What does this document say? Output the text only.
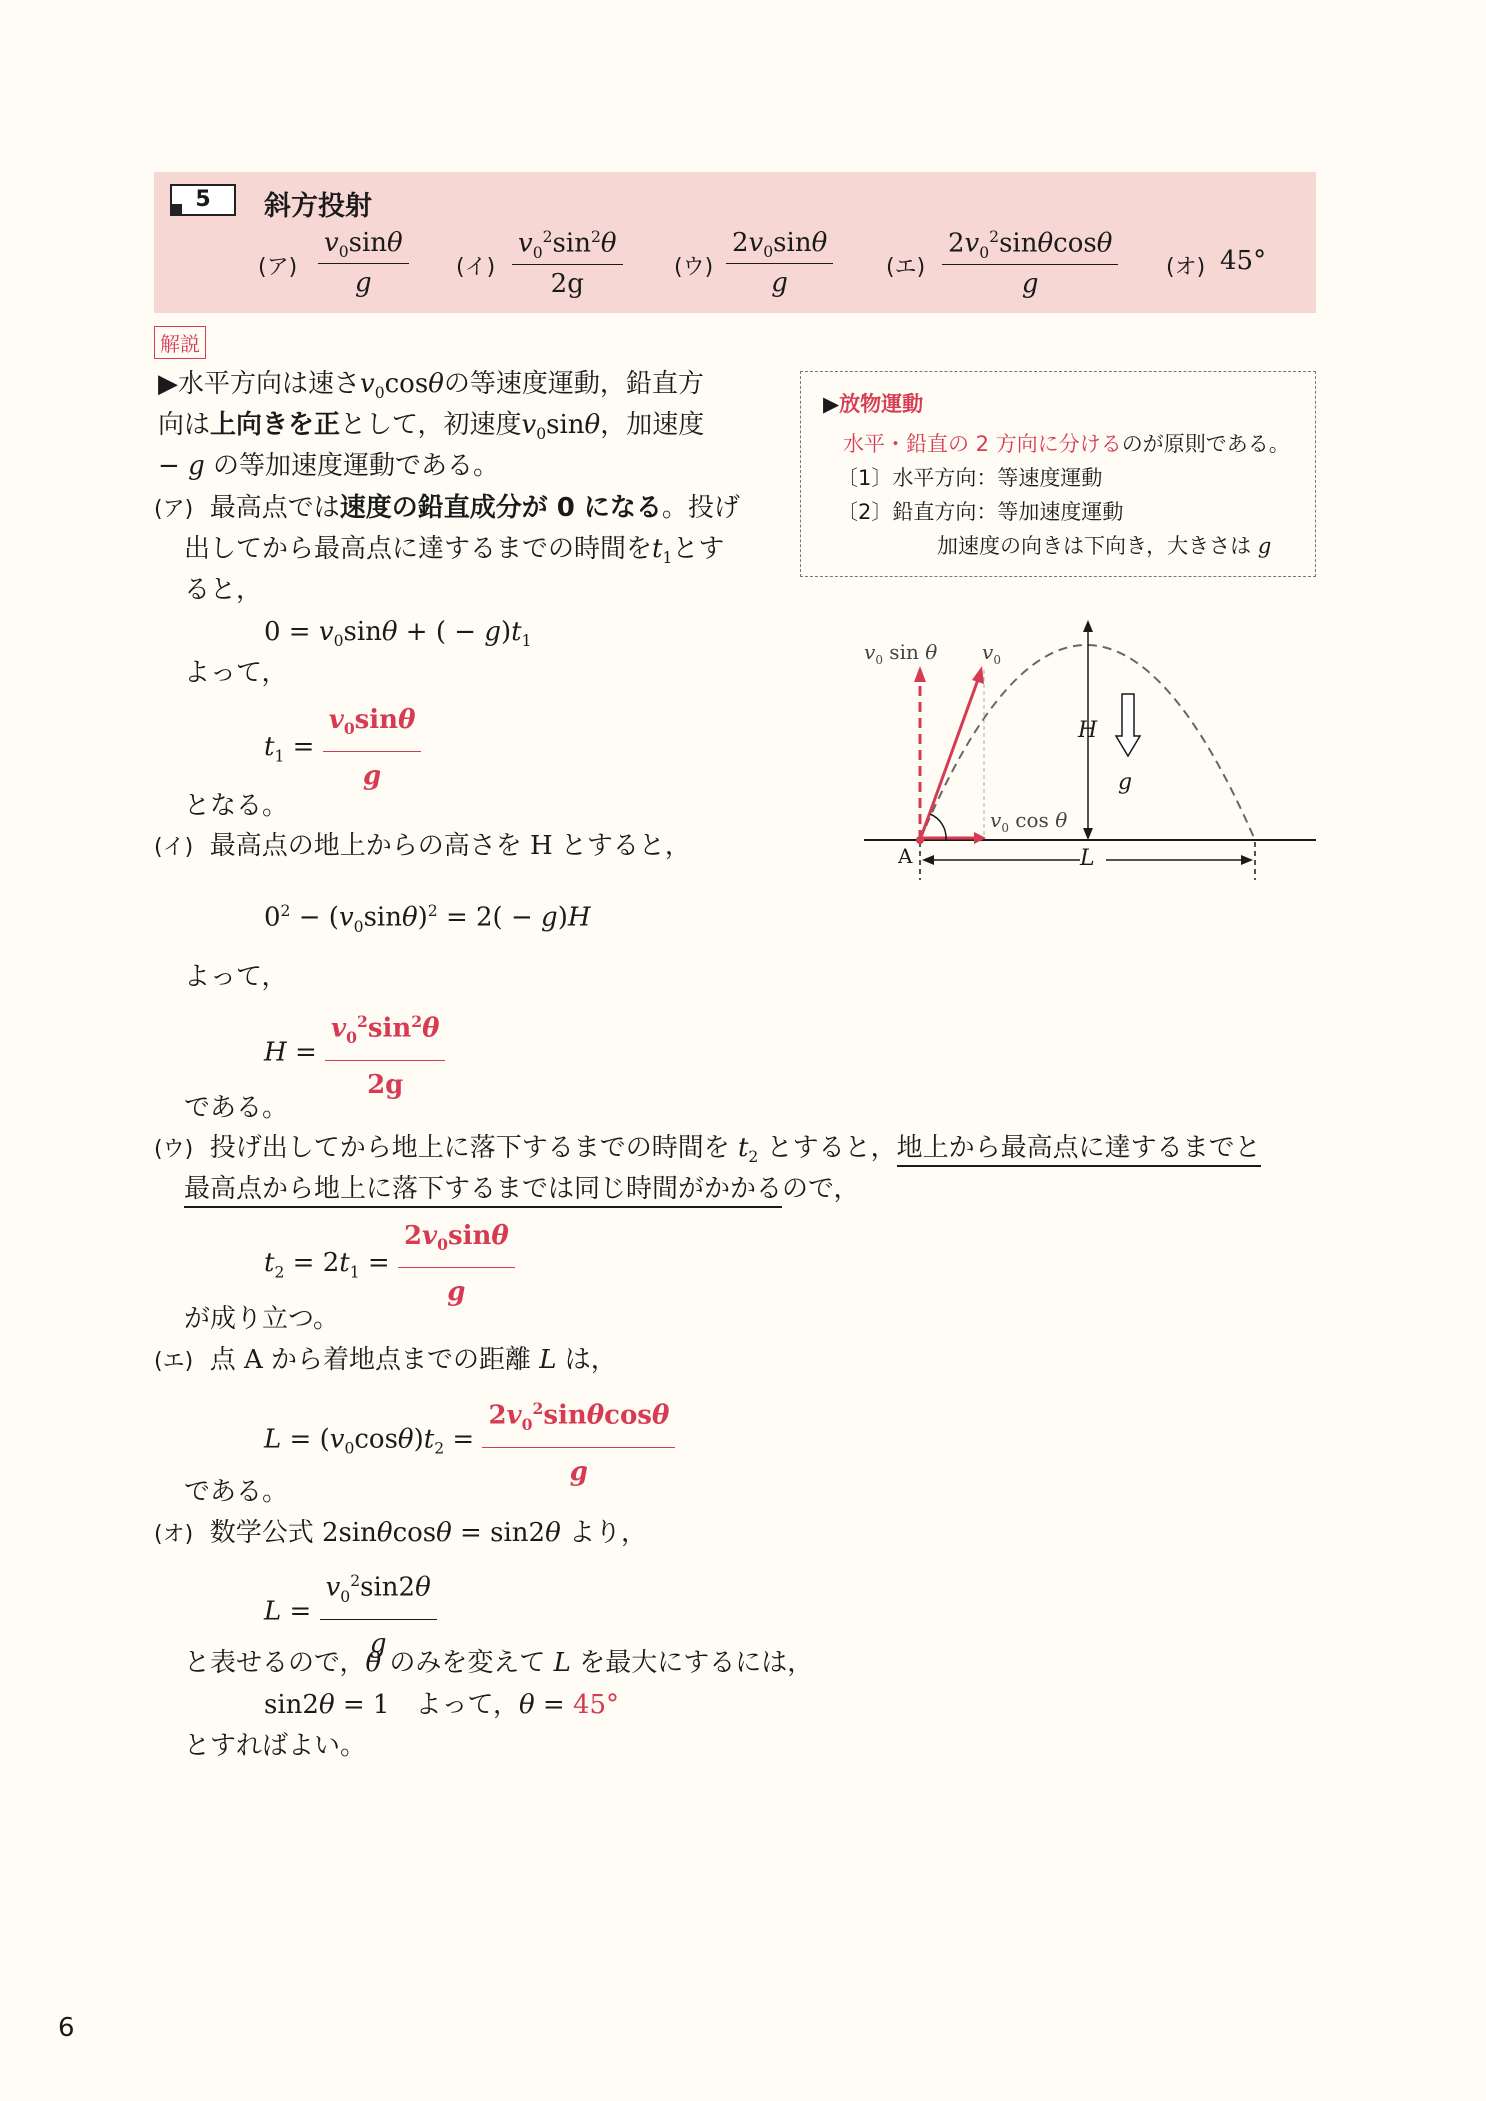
5	斜方投射
(ア) $\frac{v_0\sin\theta}{g}$ (イ) $\frac{v_0^2\sin^2\theta}{2g}$ (ウ) $\frac{2v_0\sin\theta}{g}$ (エ) $\frac{2v_0^2\sin\theta\cos\theta}{g}$ (オ) 45°
解説
▶水平方向は速さ$v_0\cos\theta$の等速度運動，鉛直方
向は上向きを正として，初速度$v_0\sin\theta$，加速度
− g の等加速度運動である。
(ア) 最高点では速度の鉛直成分が 0 になる。投げ
出してから最高点に達するまでの時間を$t_1$とす
ると，
$0 = v_0\sin\theta$ + ( − $g)t_1$
よって，
$t_1 = \frac{v_0\sin\theta}{g}$
となる。
(イ) 最高点の地上からの高さを H とすると，
$0^2 - (v_0\sin\theta)^2 = 2( - g)H$
よって，
$H = \frac{v_0^2\sin^2\theta}{2g}$
である。
(ウ) 投げ出してから地上に落下するまでの時間を $t_2$ とすると，地上から最高点に達するまでと
最高点から地上に落下するまでは同じ時間がかかるので，
$t_2 = 2t_1 = \frac{2v_0\sin\theta}{g}$
が成り立つ。
(エ) 点 A から着地点までの距離 L は，
$L = (v_0\cos\theta)t_2 = \frac{2v_0^2\sin\theta\cos\theta}{g}$
である。
(オ) 数学公式 2sinθcosθ = sin2θ より，
$L = \frac{v_0^2\sin 2\theta}{g}$
と表せるので，θ のみを変えて L を最大にするには，
sin2θ = 1　よって，θ = 45°
とすればよい。
▶放物運動
水平・鉛直の 2 方向に分けるのが原則である。
〔1〕水平方向：等速度運動
〔2〕鉛直方向：等加速度運動
加速度の向きは下向き，大きさは g
$v_0$ sin θ $v_0$
H
g
$v_0$ cos θ
A	L
6
